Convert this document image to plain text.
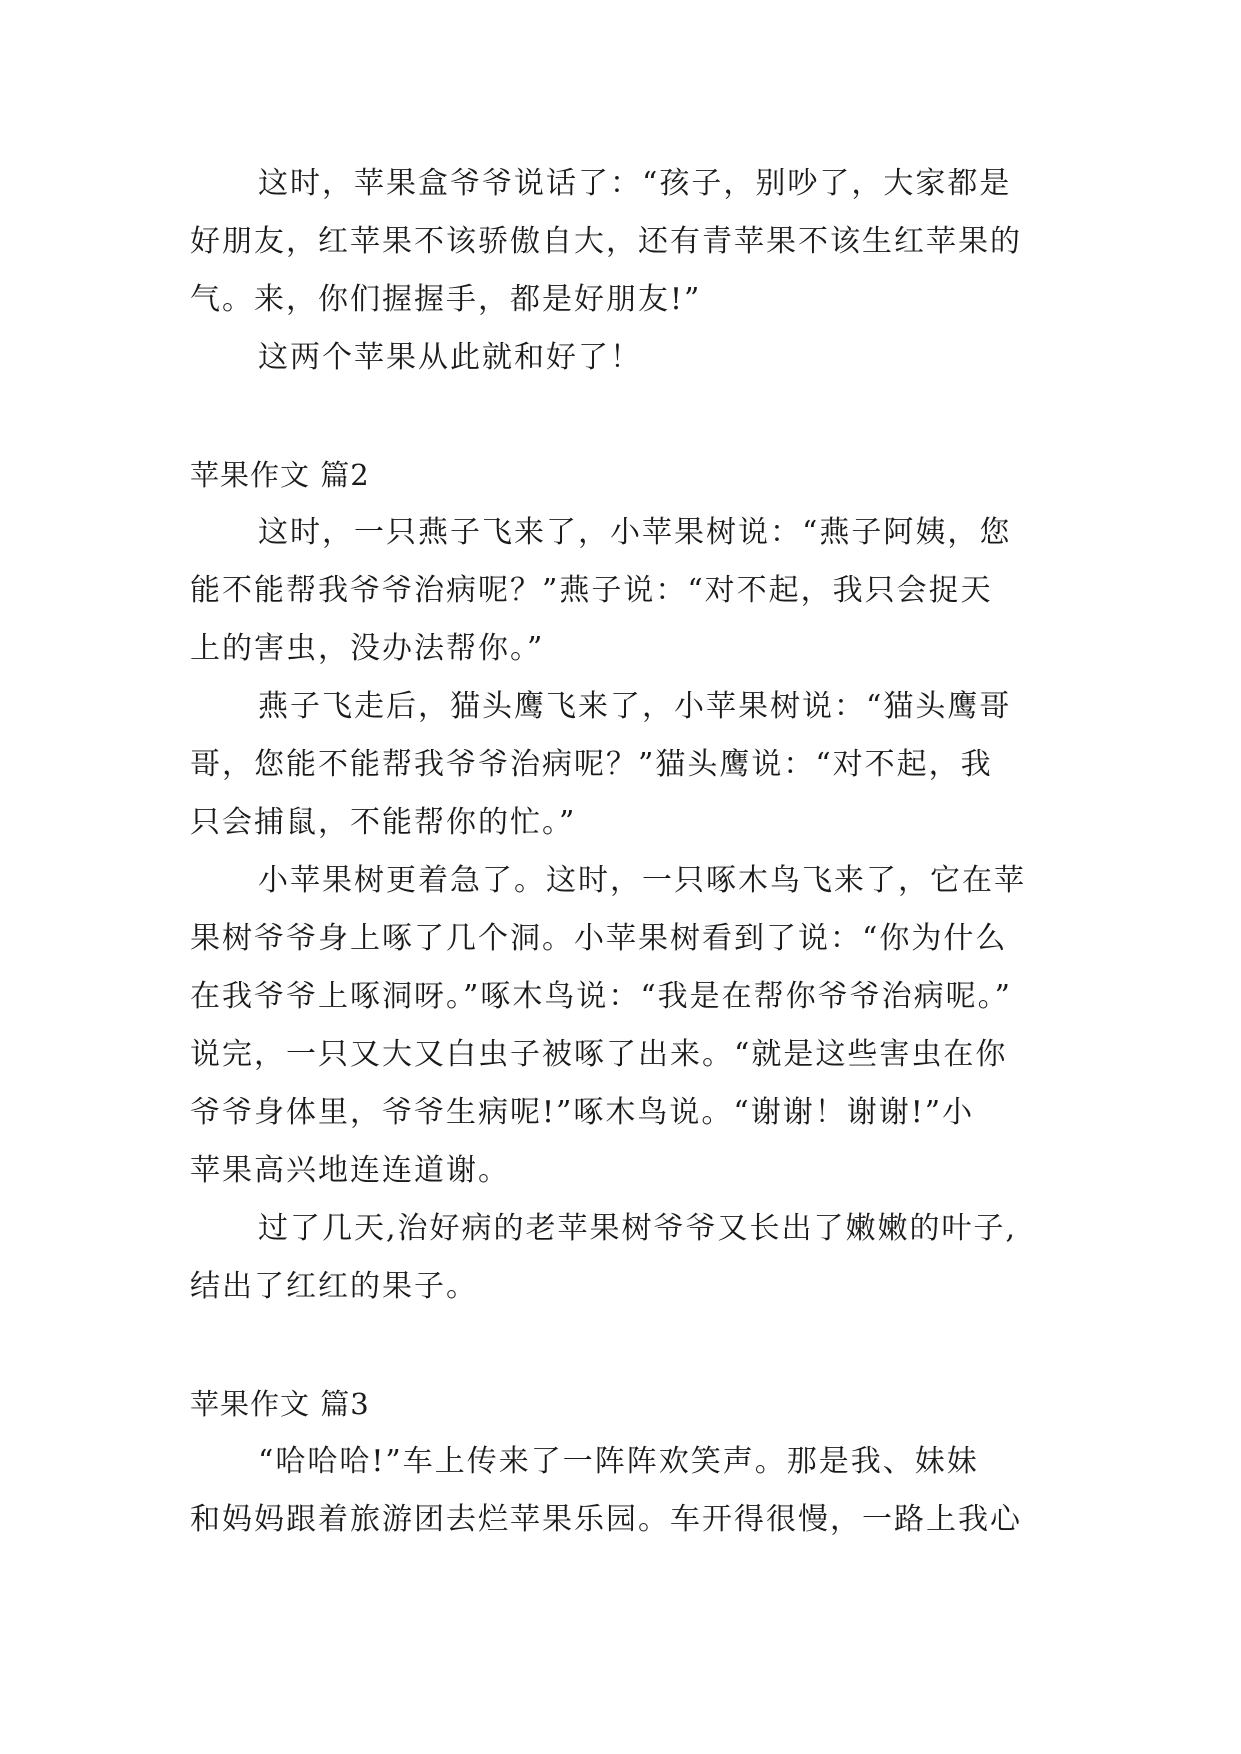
这时，苹果盒爷爷说话了：“孩子，别吵了，大家都是
好朋友，红苹果不该骄傲自大，还有青苹果不该生红苹果的
气。来，你们握握手，都是好朋友!”
这两个苹果从此就和好了！
苹果作文 篇2
这时，一只燕子飞来了，小苹果树说：“燕子阿姨，您
能不能帮我爷爷治病呢？”燕子说：“对不起，我只会捉天
上的害虫，没办法帮你。”
燕子飞走后，猫头鹰飞来了，小苹果树说：“猫头鹰哥
哥，您能不能帮我爷爷治病呢？”猫头鹰说：“对不起，我
只会捕鼠，不能帮你的忙。”
小苹果树更着急了。这时，一只啄木鸟飞来了，它在苹
果树爷爷身上啄了几个洞。小苹果树看到了说：“你为什么
在我爷爷上啄洞呀。”啄木鸟说：“我是在帮你爷爷治病呢。”
说完，一只又大又白虫子被啄了出来。“就是这些害虫在你
爷爷身体里，爷爷生病呢!”啄木鸟说。“谢谢！谢谢!”小
苹果高兴地连连道谢。
过了几天,治好病的老苹果树爷爷又长出了嫩嫩的叶子,
结出了红红的果子。
苹果作文 篇3
“哈哈哈!”车上传来了一阵阵欢笑声。那是我、妹妹
和妈妈跟着旅游团去烂苹果乐园。车开得很慢，一路上我心
